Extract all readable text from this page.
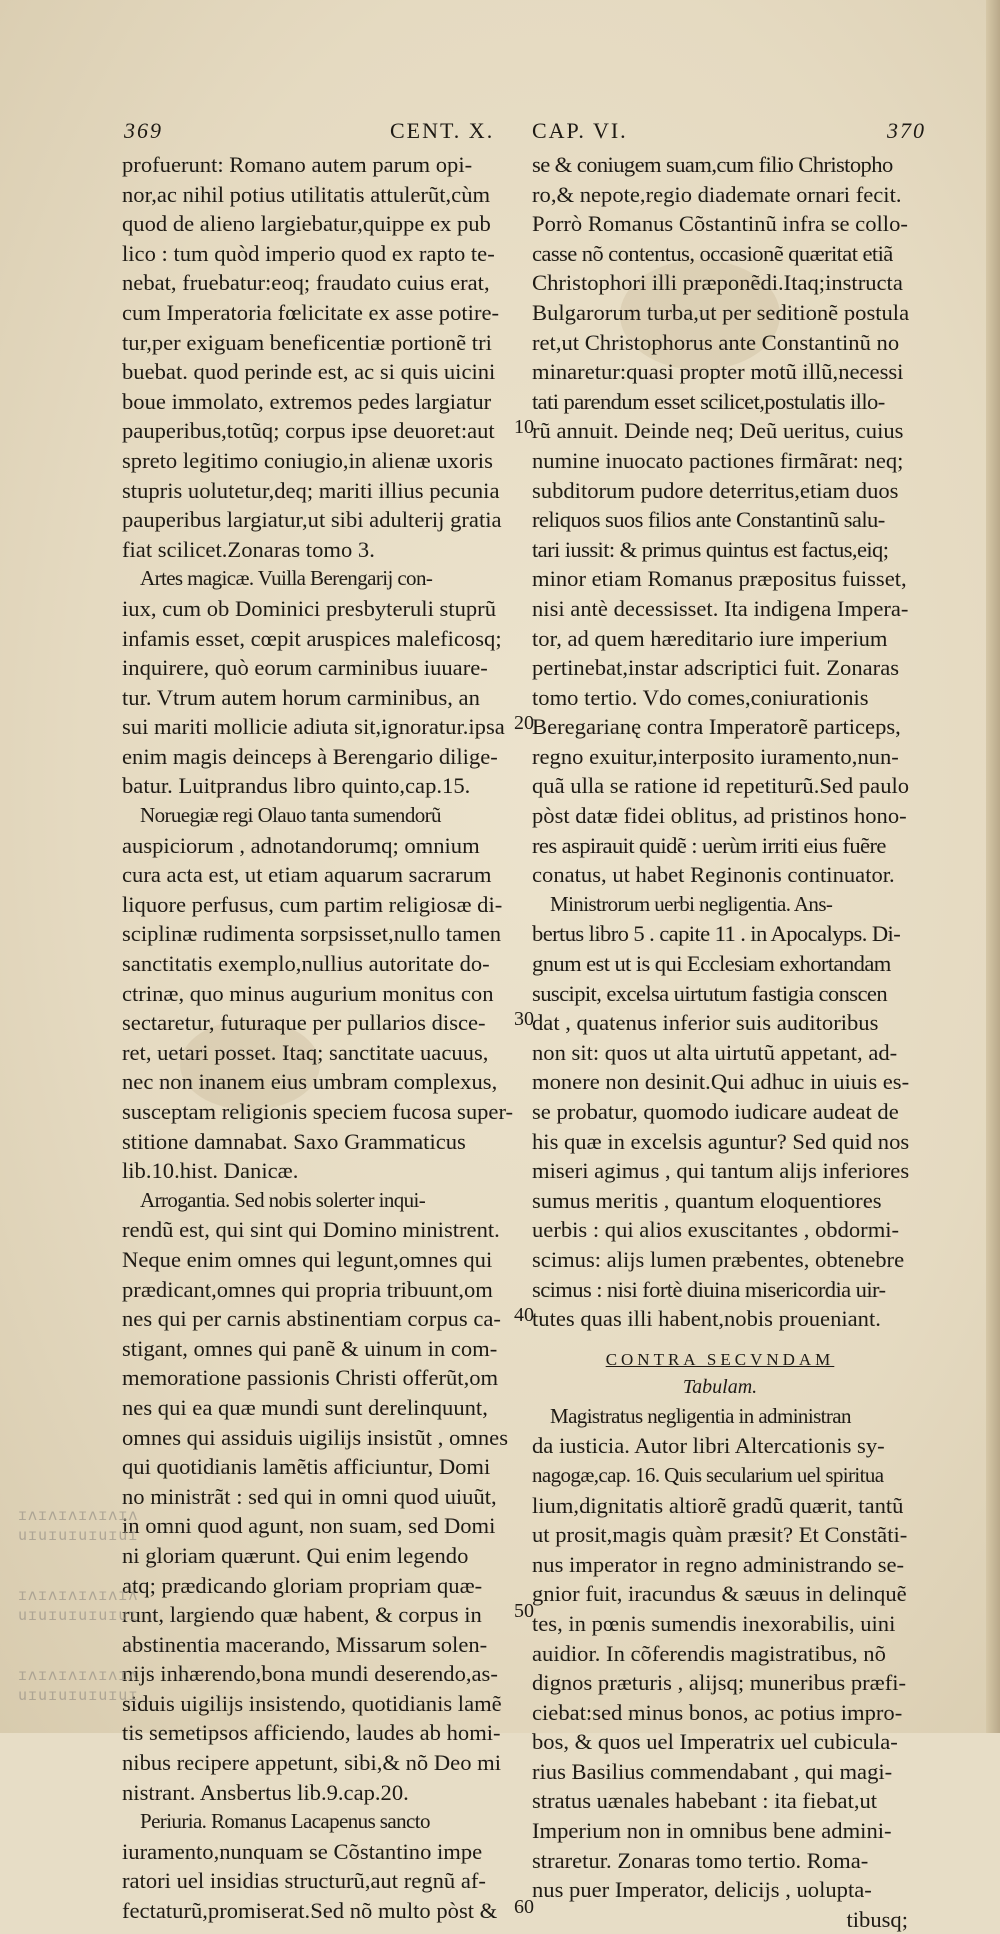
369	CENT. X. CAP. VI.	370
profuerunt: Romano autem parum opi-
nor,ac nihil potius utilitatis attulerũt,cùm
quod de alieno largiebatur,quippe ex pub
lico : tum quòd imperio quod ex rapto te-
nebat, fruebatur:eoq; fraudato cuius erat,
cum Imperatoria fœlicitate ex asse potire-
tur,per exiguam beneficentiæ portionẽ tri
buebat. quod perinde est, ac si quis uicini
boue immolato, extremos pedes largiatur
pauperibus,totũq; corpus ipse deuoret:aut
spreto legitimo coniugio,in alienæ uxoris
stupris uolutetur,deq; mariti illius pecunia
pauperibus largiatur,ut sibi adulterij gratia
fiat scilicet.Zonaras tomo 3.
Artes magicæ. Vuilla Berengarij con-
iux, cum ob Dominici presbyteruli stuprũ
infamis esset, cœpit aruspices maleficosq;
inquirere, quò eorum carminibus iuuare-
tur. Vtrum autem horum carminibus, an
sui mariti mollicie adiuta sit,ignoratur.ipsa
enim magis deinceps à Berengario dilige-
batur. Luitprandus libro quinto,cap.15.
Noruegiæ regi Olauo tanta sumendorũ
auspiciorum , adnotandorumq; omnium
cura acta est, ut etiam aquarum sacrarum
liquore perfusus, cum partim religiosæ di-
sciplinæ rudimenta sorpsisset,nullo tamen
sanctitatis exemplo,nullius autoritate do-
ctrinæ, quo minus augurium monitus con
sectaretur, futuraque per pullarios disce-
ret, uetari posset. Itaq; sanctitate uacuus,
nec non inanem eius umbram complexus,
susceptam religionis speciem fucosa super-
stitione damnabat. Saxo Grammaticus
lib.10.hist. Danicæ.
Arrogantia. Sed nobis solerter inqui-
rendũ est, qui sint qui Domino ministrent.
Neque enim omnes qui legunt,omnes qui
prædicant,omnes qui propria tribuunt,om
nes qui per carnis abstinentiam corpus ca-
stigant, omnes qui panẽ & uinum in com-
memoratione passionis Christi offerũt,om
nes qui ea quæ mundi sunt derelinquunt,
omnes qui assiduis uigilijs insistũt , omnes
qui quotidianis lamẽtis afficiuntur, Domi
no ministrãt : sed qui in omni quod uiuũt,
in omni quod agunt, non suam, sed Domi
ni gloriam quærunt. Qui enim legendo
atq; prædicando gloriam propriam quæ-
runt, largiendo quæ habent, & corpus in
abstinentia macerando, Missarum solen-
nijs inhærendo,bona mundi deserendo,as-
siduis uigilijs insistendo, quotidianis lamẽ
tis semetipsos afficiendo, laudes ab homi-
nibus recipere appetunt, sibi,& nõ Deo mi
nistrant. Ansbertus lib.9.cap.20.
Periuria. Romanus Lacapenus sancto
iuramento,nunquam se Cõstantino impe
ratori uel insidias structurũ,aut regnũ af-
fectaturũ,promiserat.Sed nõ multo pòst &
10
20
30
40
50
60
se & coniugem suam,cum filio Christopho
ro,& nepote,regio diademate ornari fecit.
Porrò Romanus Cõstantinũ infra se collo-
casse nõ contentus, occasionẽ quæritat etiã
Christophori illi præponẽdi.Itaq;instructa
Bulgarorum turba,ut per seditionẽ postula
ret,ut Christophorus ante Constantinũ no
minaretur:quasi propter motũ illũ,necessi
tati parendum esset scilicet,postulatis illo-
rũ annuit. Deinde neq; Deũ ueritus, cuius
numine inuocato pactiones firmãrat: neq;
subditorum pudore deterritus,etiam duos
reliquos suos filios ante Constantinũ salu-
tari iussit: & primus quintus est factus,eiq;
minor etiam Romanus præpositus fuisset,
nisi antè decessisset. Ita indigena Impera-
tor, ad quem hæreditario iure imperium
pertinebat,instar adscriptici fuit. Zonaras
tomo tertio. Vdo comes,coniurationis
Beregarianę contra Imperatorẽ particeps,
regno exuitur,interposito iuramento,nun-
quã ulla se ratione id repetiturũ.Sed paulo
pòst datæ fidei oblitus, ad pristinos hono-
res aspirauit quidẽ : uerùm irriti eius fuẽre
conatus, ut habet Reginonis continuator.
Ministrorum uerbi negligentia. Ans-
bertus libro 5 . capite 11 . in Apocalyps. Di-
gnum est ut is qui Ecclesiam exhortandam
suscipit, excelsa uirtutum fastigia conscen
dat , quatenus inferior suis auditoribus
non sit: quos ut alta uirtutũ appetant, ad-
monere non desinit.Qui adhuc in uiuis es-
se probatur, quomodo iudicare audeat de
his quæ in excelsis aguntur? Sed quid nos
miseri agimus , qui tantum alijs inferiores
sumus meritis , quantum eloquentiores
uerbis : qui alios exuscitantes , obdormi-
scimus: alijs lumen præbentes, obtenebre
scimus : nisi fortè diuina misericordia uir-
tutes quas illi habent,nobis proueniant.
CONTRA SECVNDAM
Tabulam.
Magistratus negligentia in administran
da iusticia. Autor libri Altercationis sy-
nagogæ,cap. 16. Quis secularium uel spiritua
lium,dignitatis altiorẽ gradũ quærit, tantũ
ut prosit,magis quàm præsit? Et Constãti-
nus imperator in regno administrando se-
gnior fuit, iracundus & sæuus in delinquẽ
tes, in pœnis sumendis inexorabilis, uini
auidior. In cõferendis magistratibus, nõ
dignos præturis , alijsq; muneribus præfi-
ciebat:sed minus bonos, ac potius impro-
bos, & quos uel Imperatrix uel cubicula-
rius Basilius commendabant , qui magi-
stratus uænales habebant : ita fiebat,ut
Imperium non in omnibus bene admini-
straretur. Zonaras tomo tertio. Roma-
nus puer Imperator, delicijs , uolupta-
tibusq;
ɪʌɪʌɪʌɪʌɪʌɪʌ
uɪuɪuɪuɪuɪuɪ
ɪʌɪʌɪʌɪʌɪʌɪʌ
uɪuɪuɪuɪuɪuɪ
ɪʌɪʌɪʌɪʌɪʌɪʌ
uɪuɪuɪuɪuɪuɪ
